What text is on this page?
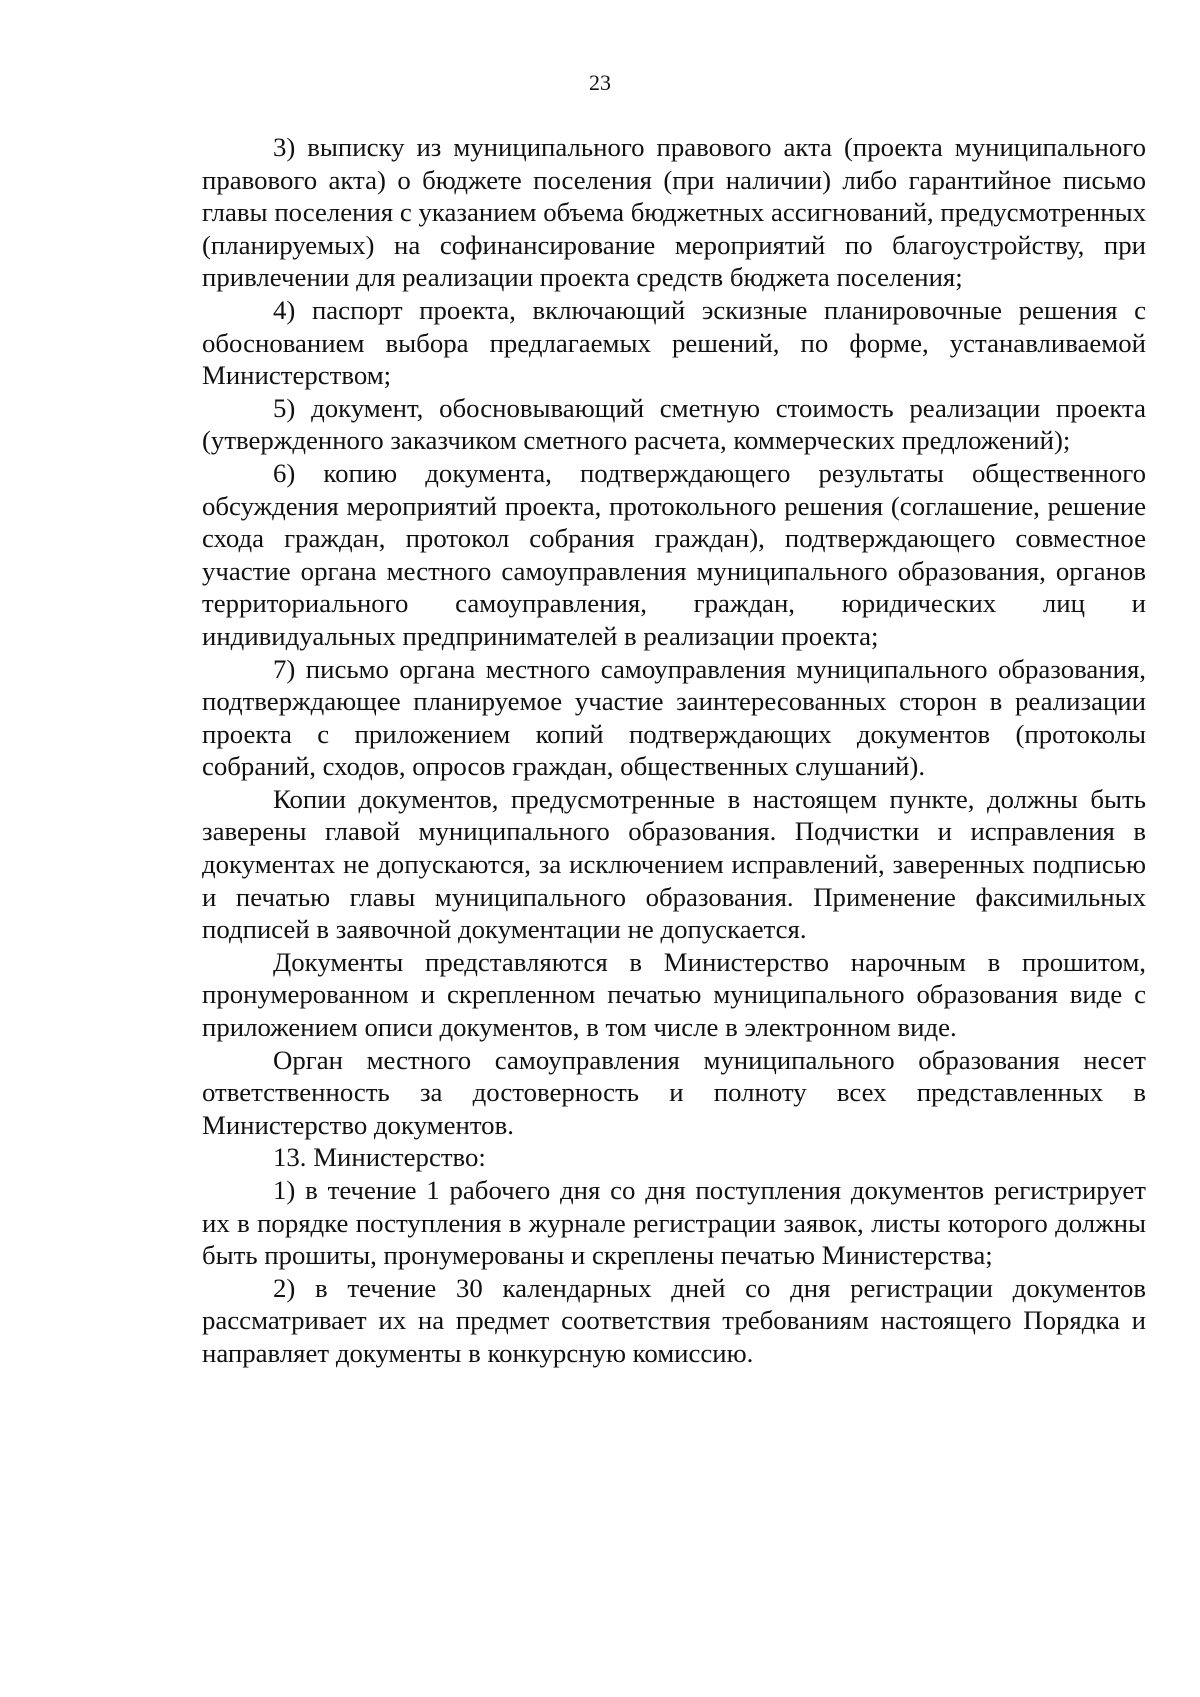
23

3) выписку из муниципального правового акта (проекта муниципального правового акта) о бюджете поселения (при наличии) либо гарантийное письмо главы поселения с указанием объема бюджетных ассигнований, предусмотренных (планируемых) на софинансирование мероприятий по благоустройству, при привлечении для реализации проекта средств бюджета поселения;

4) паспорт проекта, включающий эскизные планировочные решения с обоснованием выбора предлагаемых решений, по форме, устанавливаемой Министерством;

5) документ, обосновывающий сметную стоимость реализации проекта (утвержденного заказчиком сметного расчета, коммерческих предложений);

6) копию документа, подтверждающего результаты общественного обсуждения мероприятий проекта, протокольного решения (соглашение, решение схода граждан, протокол собрания граждан), подтверждающего совместное участие органа местного самоуправления муниципального образования, органов территориального самоуправления, граждан, юридических лиц и индивидуальных предпринимателей в реализации проекта;

7) письмо органа местного самоуправления муниципального образования, подтверждающее планируемое участие заинтересованных сторон в реализации проекта с приложением копий подтверждающих документов (протоколы собраний, сходов, опросов граждан, общественных слушаний).

Копии документов, предусмотренные в настоящем пункте, должны быть заверены главой муниципального образования. Подчистки и исправления в документах не допускаются, за исключением исправлений, заверенных подписью и печатью главы муниципального образования. Применение факсимильных подписей в заявочной документации не допускается.

Документы представляются в Министерство нарочным в прошитом, пронумерованном и скрепленном печатью муниципального образования виде с приложением описи документов, в том числе в электронном виде.

Орган местного самоуправления муниципального образования несет ответственность за достоверность и полноту всех представленных в Министерство документов.

13. Министерство:

1) в течение 1 рабочего дня со дня поступления документов регистрирует их в порядке поступления в журнале регистрации заявок, листы которого должны быть прошиты, пронумерованы и скреплены печатью Министерства;

2) в течение 30 календарных дней со дня регистрации документов рассматривает их на предмет соответствия требованиям настоящего Порядка и направляет документы в конкурсную комиссию.
